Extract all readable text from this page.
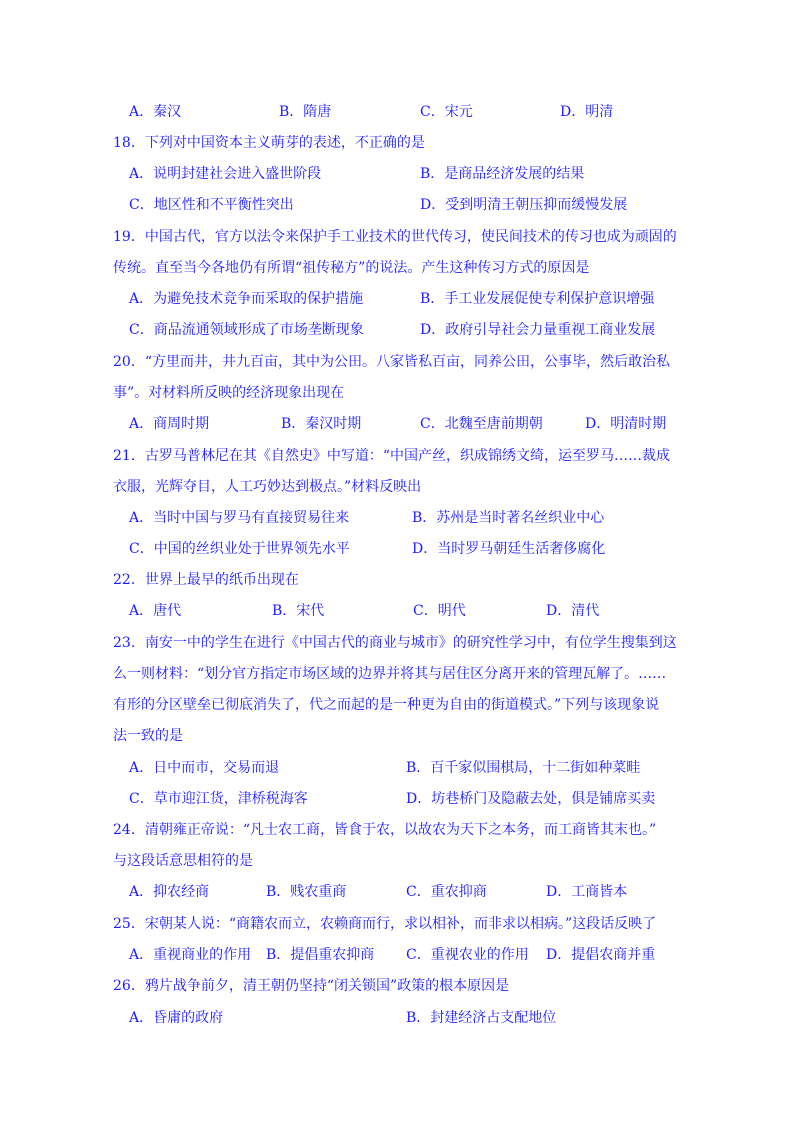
A．秦汉	B．隋唐	C．宋元	D．明清
18．下列对中国资本主义萌芽的表述，不正确的是
A．说明封建社会进入盛世阶段	B．是商品经济发展的结果
C．地区性和不平衡性突出	D．受到明清王朝压抑而缓慢发展
19．中国古代，官方以法令来保护手工业技术的世代传习，使民间技术的传习也成为顽固的
传统。直至当今各地仍有所谓“祖传秘方”的说法。产生这种传习方式的原因是
A．为避免技术竞争而采取的保护措施	B．手工业发展促使专利保护意识增强
C．商品流通领域形成了市场垄断现象	D．政府引导社会力量重视工商业发展
20．“方里而井，井九百亩，其中为公田。八家皆私百亩，同养公田，公事毕，然后敢治私
事”。对材料所反映的经济现象出现在
A．商周时期	B．秦汉时期	C．北魏至唐前期朝	D．明清时期
21．古罗马普林尼在其《自然史》中写道：“中国产丝，织成锦绣文绮，运至罗马……裁成
衣服，光辉夺目，人工巧妙达到极点。”材料反映出
A．当时中国与罗马有直接贸易往来	B．苏州是当时著名丝织业中心
C．中国的丝织业处于世界领先水平	D．当时罗马朝廷生活奢侈腐化
22．世界上最早的纸币出现在
A．唐代	B．宋代	C．明代	D．清代
23．南安一中的学生在进行《中国古代的商业与城市》的研究性学习中，有位学生搜集到这
么一则材料：“划分官方指定市场区域的边界并将其与居住区分离开来的管理瓦解了。……
有形的分区壁垒已彻底消失了，代之而起的是一种更为自由的街道模式。”下列与该现象说
法一致的是
A．日中而市，交易而退	B．百千家似围棋局，十二街如种菜畦
C．草市迎江货，津桥税海客	D．坊巷桥门及隐蔽去处，俱是铺席买卖
24．清朝雍正帝说：“凡士农工商，皆食于农，以故农为天下之本务，而工商皆其末也。”
与这段话意思相符的是
A．抑农经商	B．贱农重商	C．重农抑商	D．工商皆本
25．宋朝某人说：“商籍农而立，农赖商而行，求以相补，而非求以相病。”这段话反映了
A．重视商业的作用 B．提倡重农抑商 C．重视农业的作用 D．提倡农商并重
26．鸦片战争前夕，清王朝仍坚持“闭关锁国”政策的根本原因是
A．昏庸的政府	B．封建经济占支配地位
